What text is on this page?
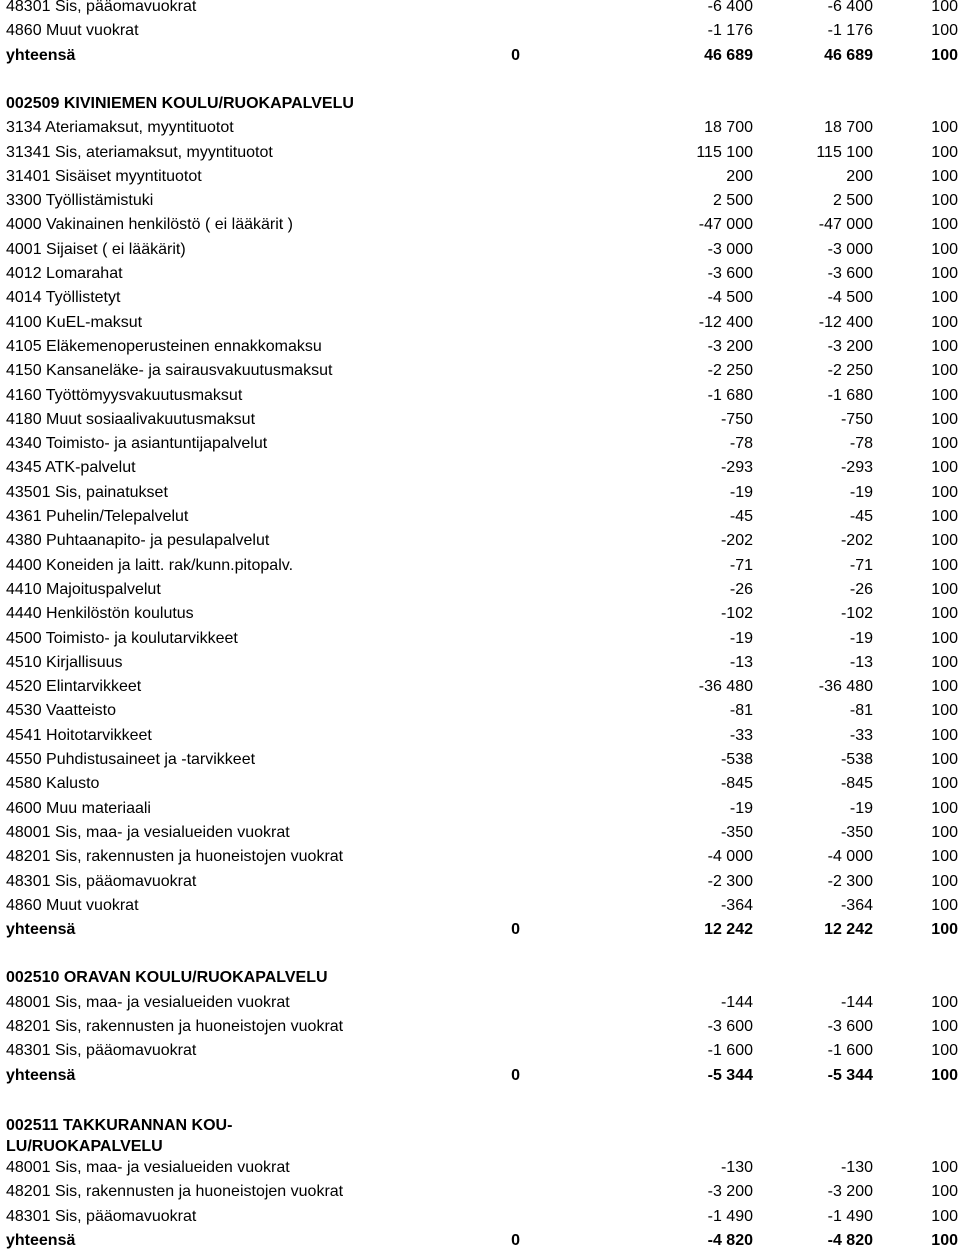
48301 Sis, pääomavuokrat	-6 400	-6 400	100
4860 Muut vuokrat	-1 176	-1 176	100
yhteensä	0	46 689	46 689	100
002509 KIVINIEMEN KOULU/RUOKAPALVELU
3134 Ateriamaksut, myyntituotot	18 700	18 700	100
31341 Sis, ateriamaksut, myyntituotot	115 100	115 100	100
31401 Sisäiset myyntituotot	200	200	100
3300 Työllistämistuki	2 500	2 500	100
4000 Vakinainen henkilöstö ( ei lääkärit )	-47 000	-47 000	100
4001 Sijaiset ( ei lääkärit)	-3 000	-3 000	100
4012 Lomarahat	-3 600	-3 600	100
4014 Työllistetyt	-4 500	-4 500	100
4100 KuEL-maksut	-12 400	-12 400	100
4105 Eläkemenoperusteinen ennakkomaksu	-3 200	-3 200	100
4150 Kansaneläke- ja sairausvakuutusmaksut	-2 250	-2 250	100
4160 Työttömyysvakuutusmaksut	-1 680	-1 680	100
4180 Muut sosiaalivakuutusmaksut	-750	-750	100
4340 Toimisto- ja asiantuntijapalvelut	-78	-78	100
4345 ATK-palvelut	-293	-293	100
43501 Sis, painatukset	-19	-19	100
4361 Puhelin/Telepalvelut	-45	-45	100
4380 Puhtaanapito- ja pesulapalvelut	-202	-202	100
4400 Koneiden ja laitt. rak/kunn.pitopalv.	-71	-71	100
4410 Majoituspalvelut	-26	-26	100
4440 Henkilöstön koulutus	-102	-102	100
4500 Toimisto- ja koulutarvikkeet	-19	-19	100
4510 Kirjallisuus	-13	-13	100
4520 Elintarvikkeet	-36 480	-36 480	100
4530 Vaatteisto	-81	-81	100
4541 Hoitotarvikkeet	-33	-33	100
4550 Puhdistusaineet ja -tarvikkeet	-538	-538	100
4580 Kalusto	-845	-845	100
4600 Muu materiaali	-19	-19	100
48001 Sis, maa- ja vesialueiden vuokrat	-350	-350	100
48201 Sis, rakennusten ja huoneistojen vuokrat	-4 000	-4 000	100
48301 Sis, pääomavuokrat	-2 300	-2 300	100
4860 Muut vuokrat	-364	-364	100
yhteensä	0	12 242	12 242	100
002510 ORAVAN KOULU/RUOKAPALVELU
48001 Sis, maa- ja vesialueiden vuokrat	-144	-144	100
48201 Sis, rakennusten ja huoneistojen vuokrat	-3 600	-3 600	100
48301 Sis, pääomavuokrat	-1 600	-1 600	100
yhteensä	0	-5 344	-5 344	100
002511 TAKKURANNAN KOU-LU/RUOKAPALVELU
48001 Sis, maa- ja vesialueiden vuokrat	-130	-130	100
48201 Sis, rakennusten ja huoneistojen vuokrat	-3 200	-3 200	100
48301 Sis, pääomavuokrat	-1 490	-1 490	100
yhteensä	0	-4 820	-4 820	100
